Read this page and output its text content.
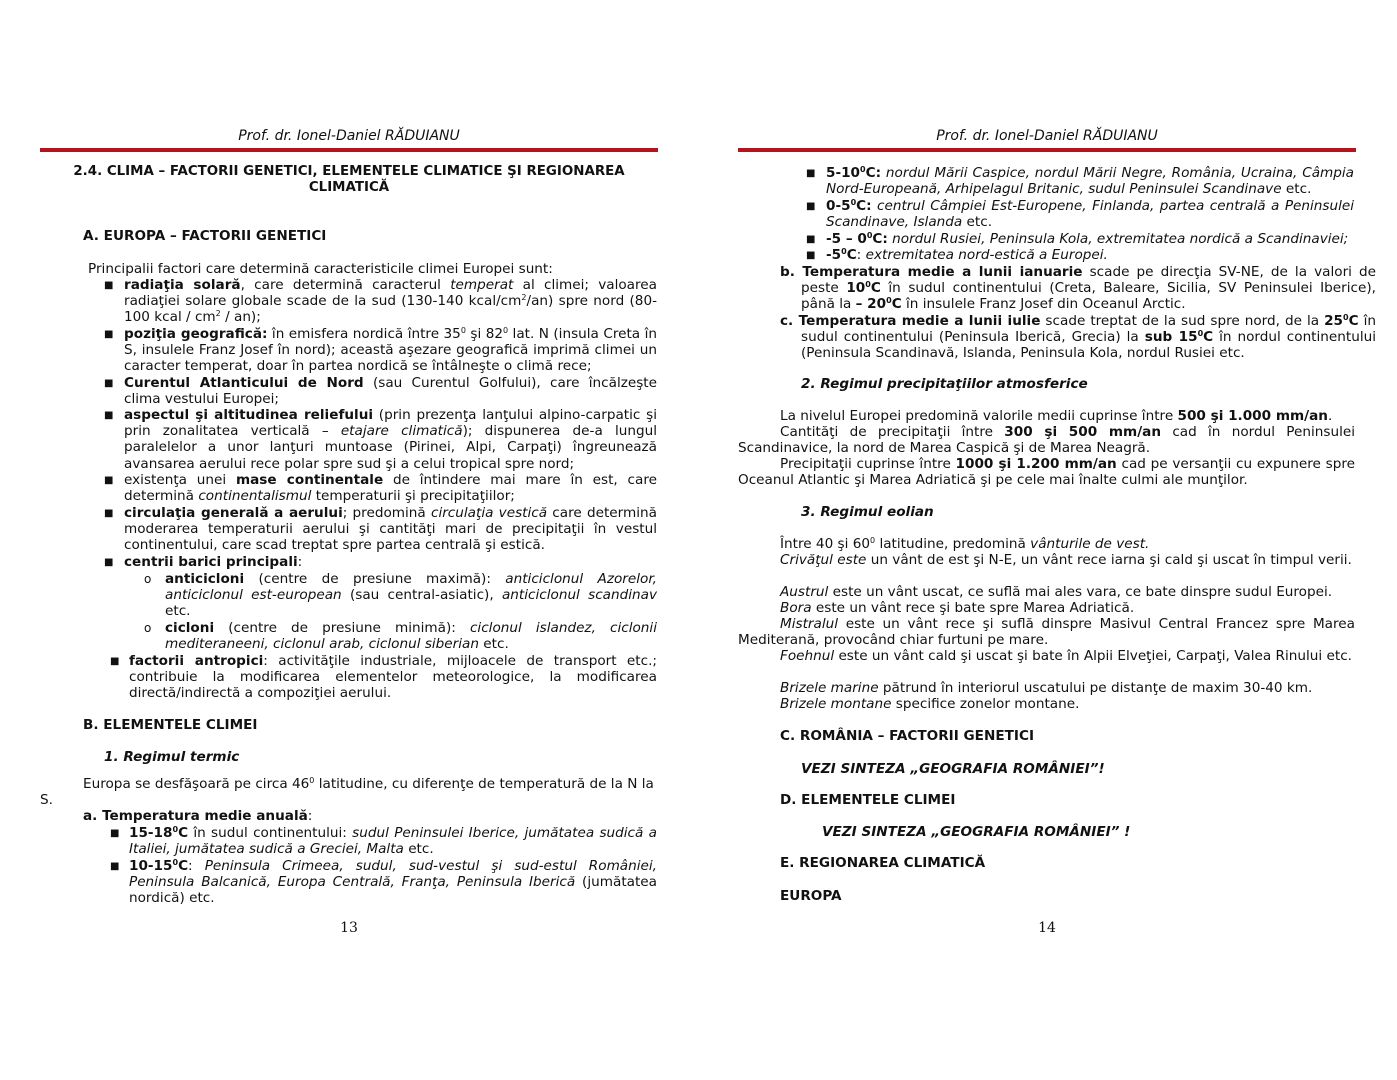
Prof. dr. Ionel-Daniel RĂDUIANU
2.4. CLIMA – FACTORII GENETICI, ELEMENTELE CLIMATICE ŞI REGIONAREA
CLIMATICĂ
A. EUROPA – FACTORII GENETICI
Principalii factori care determină caracteristicile climei Europei sunt:
■ radiaţia solară, care determină caracterul temperat al climei; valoarea radiaţiei solare globale scade de la sud (130-140 kcal/$cm^2/an$) spre nord (80-100 kcal / $cm^2 / an$);
■ poziţia geografică: în emisfera nordică între $35^0$ şi $82^0$ lat. N (insula Creta în S, insulele Franz Josef în nord); această aşezare geografică imprimă climei un caracter temperat, doar în partea nordică se întâlneşte o climă rece;
■ Curentul Atlanticului de Nord (sau Curentul Golfului), care încălzeşte clima vestului Europei;
■ aspectul şi altitudinea reliefului (prin prezenţa lanţului alpino-carpatic şi prin zonalitatea verticală – etajare climatică); dispunerea de-a lungul paralelelor a unor lanţuri muntoase (Pirinei, Alpi, Carpaţi) îngreunează avansarea aerului rece polar spre sud şi a celui tropical spre nord;
■ existenţa unei mase continentale de întindere mai mare în est, care determină continentalismul temperaturii şi precipitaţiilor;
■ circulaţia generală a aerului; predomină circulaţia vestică care determină moderarea temperaturii aerului şi cantităţi mari de precipitaţii în vestul continentului, care scad treptat spre partea centrală şi estică.
■ centrii barici principali:
o anticicloni (centre de presiune maximă): anticiclonul Azorelor, anticiclonul est-european (sau central-asiatic), anticiclonul scandinav etc.
o cicloni (centre de presiune minimă): ciclonul islandez, ciclonii mediteraneeni, ciclonul arab, ciclonul siberian etc.
■ factorii antropici: activităţile industriale, mijloacele de transport etc.; contribuie la modificarea elementelor meteorologice, la modificarea directă/indirectă a compoziţiei aerului.
B. ELEMENTELE CLIMEI
1. Regimul termic
Europa se desfăşoară pe circa $46^0$ latitudine, cu diferenţe de temperatură de la N la
S.
a. Temperatura medie anuală:
■ $15-18^0C$ în sudul continentului: sudul Peninsulei Iberice, jumătatea sudică a Italiei, jumătatea sudică a Greciei, Malta etc.
■ $10-15^0C$: Peninsula Crimeea, sudul, sud-vestul şi sud-estul României, Peninsula Balcanică, Europa Centrală, Franţa, Peninsula Iberică (jumătatea nordică) etc.
13
Prof. dr. Ionel-Daniel RĂDUIANU
■ $5-10^0C$: nordul Mării Caspice, nordul Mării Negre, România, Ucraina, Câmpia Nord-Europeană, Arhipelagul Britanic, sudul Peninsulei Scandinave etc.
■ $0-5^0C$: centrul Câmpiei Est-Europene, Finlanda, partea centrală a Peninsulei Scandinave, Islanda etc.
■ $-5 - 0^0C$: nordul Rusiei, Peninsula Kola, extremitatea nordică a Scandinaviei;
■ $-5^0C$: extremitatea nord-estică a Europei.
b. Temperatura medie a lunii ianuarie scade pe direcţia SV-NE, de la valori de peste $10^0C$ în sudul continentului (Creta, Baleare, Sicilia, SV Peninsulei Iberice), până la – $20^0C$ în insulele Franz Josef din Oceanul Arctic.
c. Temperatura medie a lunii iulie scade treptat de la sud spre nord, de la $25^0C$ în sudul continentului (Peninsula Iberică, Grecia) la sub $15^0C$ în nordul continentului (Peninsula Scandinavă, Islanda, Peninsula Kola, nordul Rusiei etc.
2. Regimul precipitaţiilor atmosferice
La nivelul Europei predomină valorile medii cuprinse între 500 şi 1.000 mm/an.
Cantităţi de precipitaţii între 300 şi 500 mm/an cad în nordul Peninsulei Scandinavice, la nord de Marea Caspică şi de Marea Neagră.
Precipitaţii cuprinse între 1000 şi 1.200 mm/an cad pe versanţii cu expunere spre Oceanul Atlantic şi Marea Adriatică şi pe cele mai înalte culmi ale munţilor.
3. Regimul eolian
Între 40 şi $60^0$ latitudine, predomină vânturile de vest.
Crivăţul este un vânt de est şi N-E, un vânt rece iarna şi cald şi uscat în timpul verii.
Austrul este un vânt uscat, ce suflă mai ales vara, ce bate dinspre sudul Europei.
Bora este un vânt rece şi bate spre Marea Adriatică.
Mistralul este un vânt rece şi suflă dinspre Masivul Central Francez spre Marea Mediterană, provocând chiar furtuni pe mare.
Foehnul este un vânt cald şi uscat şi bate în Alpii Elveţiei, Carpaţi, Valea Rinului etc.
Brizele marine pătrund în interiorul uscatului pe distanţe de maxim 30-40 km.
Brizele montane specifice zonelor montane.
C. ROMÂNIA – FACTORII GENETICI
VEZI SINTEZA „GEOGRAFIA ROMÂNIEI”!
D. ELEMENTELE CLIMEI
VEZI SINTEZA „GEOGRAFIA ROMÂNIEI” !
E. REGIONAREA CLIMATICĂ
EUROPA
14
